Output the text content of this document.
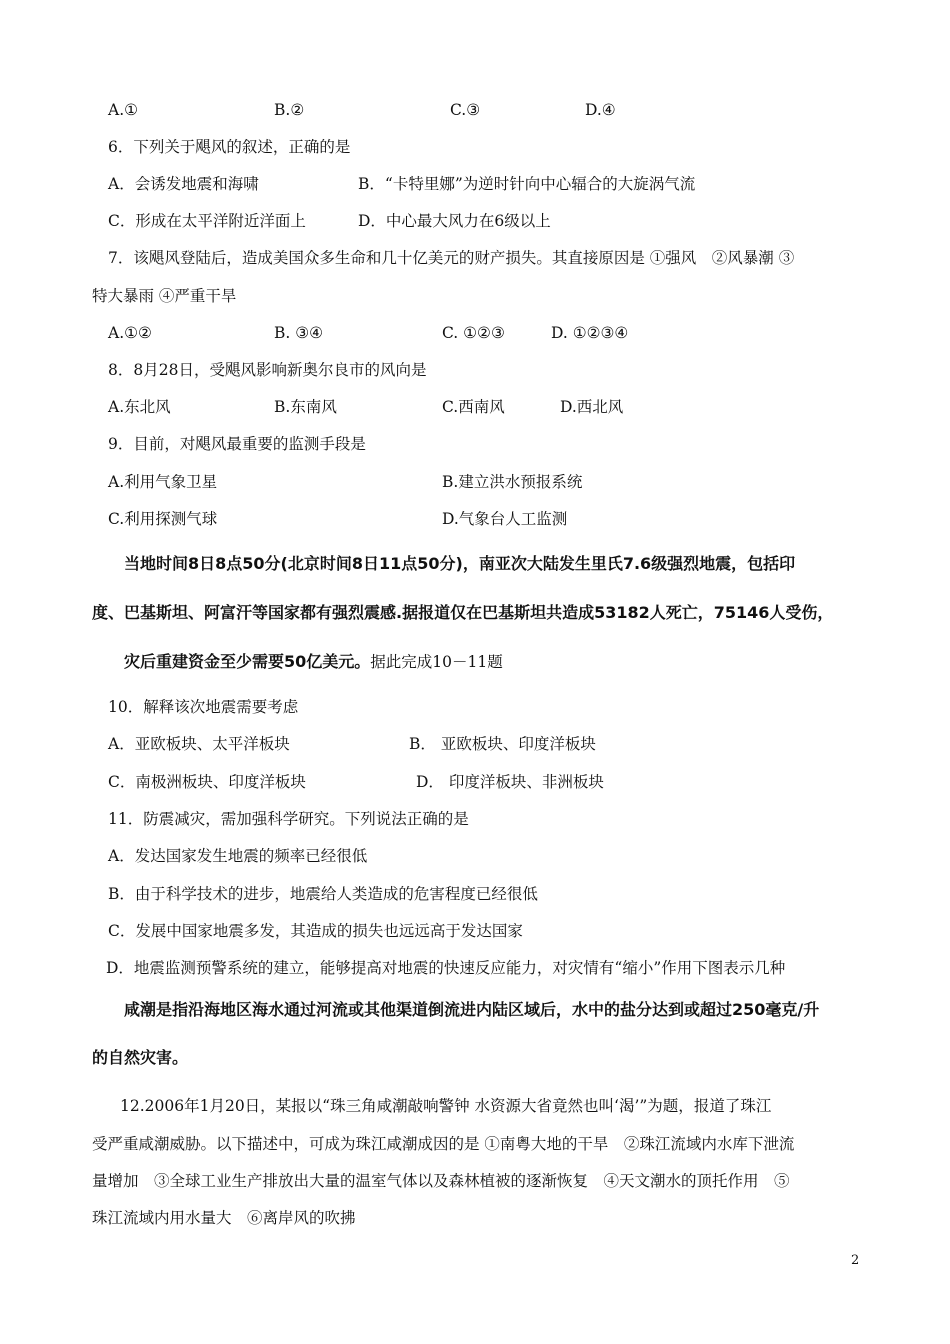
A.①	B.②	C.③	D.④
6．下列关于飓风的叙述，正确的是
A．会诱发地震和海啸	B．“卡特里娜”为逆时针向中心辐合的大旋涡气流
C．形成在太平洋附近洋面上	D．中心最大风力在6级以上
7．该飓风登陆后，造成美国众多生命和几十亿美元的财产损失。其直接原因是 ①强风　②风暴潮 ③
特大暴雨 ④严重干旱
A.①②	B. ③④	C. ①②③	D. ①②③④
8．8月28日，受飓风影响新奥尔良市的风向是
A.东北风	B.东南风	C.西南风	D.西北风
9．目前，对飓风最重要的监测手段是
A.利用气象卫星	B.建立洪水预报系统
C.利用探测气球	D.气象台人工监测
当地时间8日8点50分(北京时间8日11点50分)，南亚次大陆发生里氏7.6级强烈地震，包括印
度、巴基斯坦、阿富汗等国家都有强烈震感.据报道仅在巴基斯坦共造成53182人死亡，75146人受伤，
灾后重建资金至少需要50亿美元。据此完成10－11题
10．解释该次地震需要考虑
A．亚欧板块、太平洋板块	B． 亚欧板块、印度洋板块
C．南极洲板块、印度洋板块	D． 印度洋板块、非洲板块
11．防震减灾，需加强科学研究。下列说法正确的是
A．发达国家发生地震的频率已经很低
B．由于科学技术的进步，地震给人类造成的危害程度已经很低
C．发展中国家地震多发，其造成的损失也远远高于发达国家
D．地震监测预警系统的建立，能够提高对地震的快速反应能力，对灾情有“缩小”作用下图表示几种
咸潮是指沿海地区海水通过河流或其他渠道倒流进内陆区域后，水中的盐分达到或超过250毫克/升
的自然灾害。
12.2006年1月20日，某报以“珠三角咸潮敲响警钟 水资源大省竟然也叫‘渴’”为题，报道了珠江
受严重咸潮威胁。以下描述中，可成为珠江咸潮成因的是 ①南粤大地的干旱　②珠江流域内水库下泄流
量增加　③全球工业生产排放出大量的温室气体以及森林植被的逐渐恢复　④天文潮水的顶托作用　⑤
珠江流域内用水量大　⑥离岸风的吹拂
2
